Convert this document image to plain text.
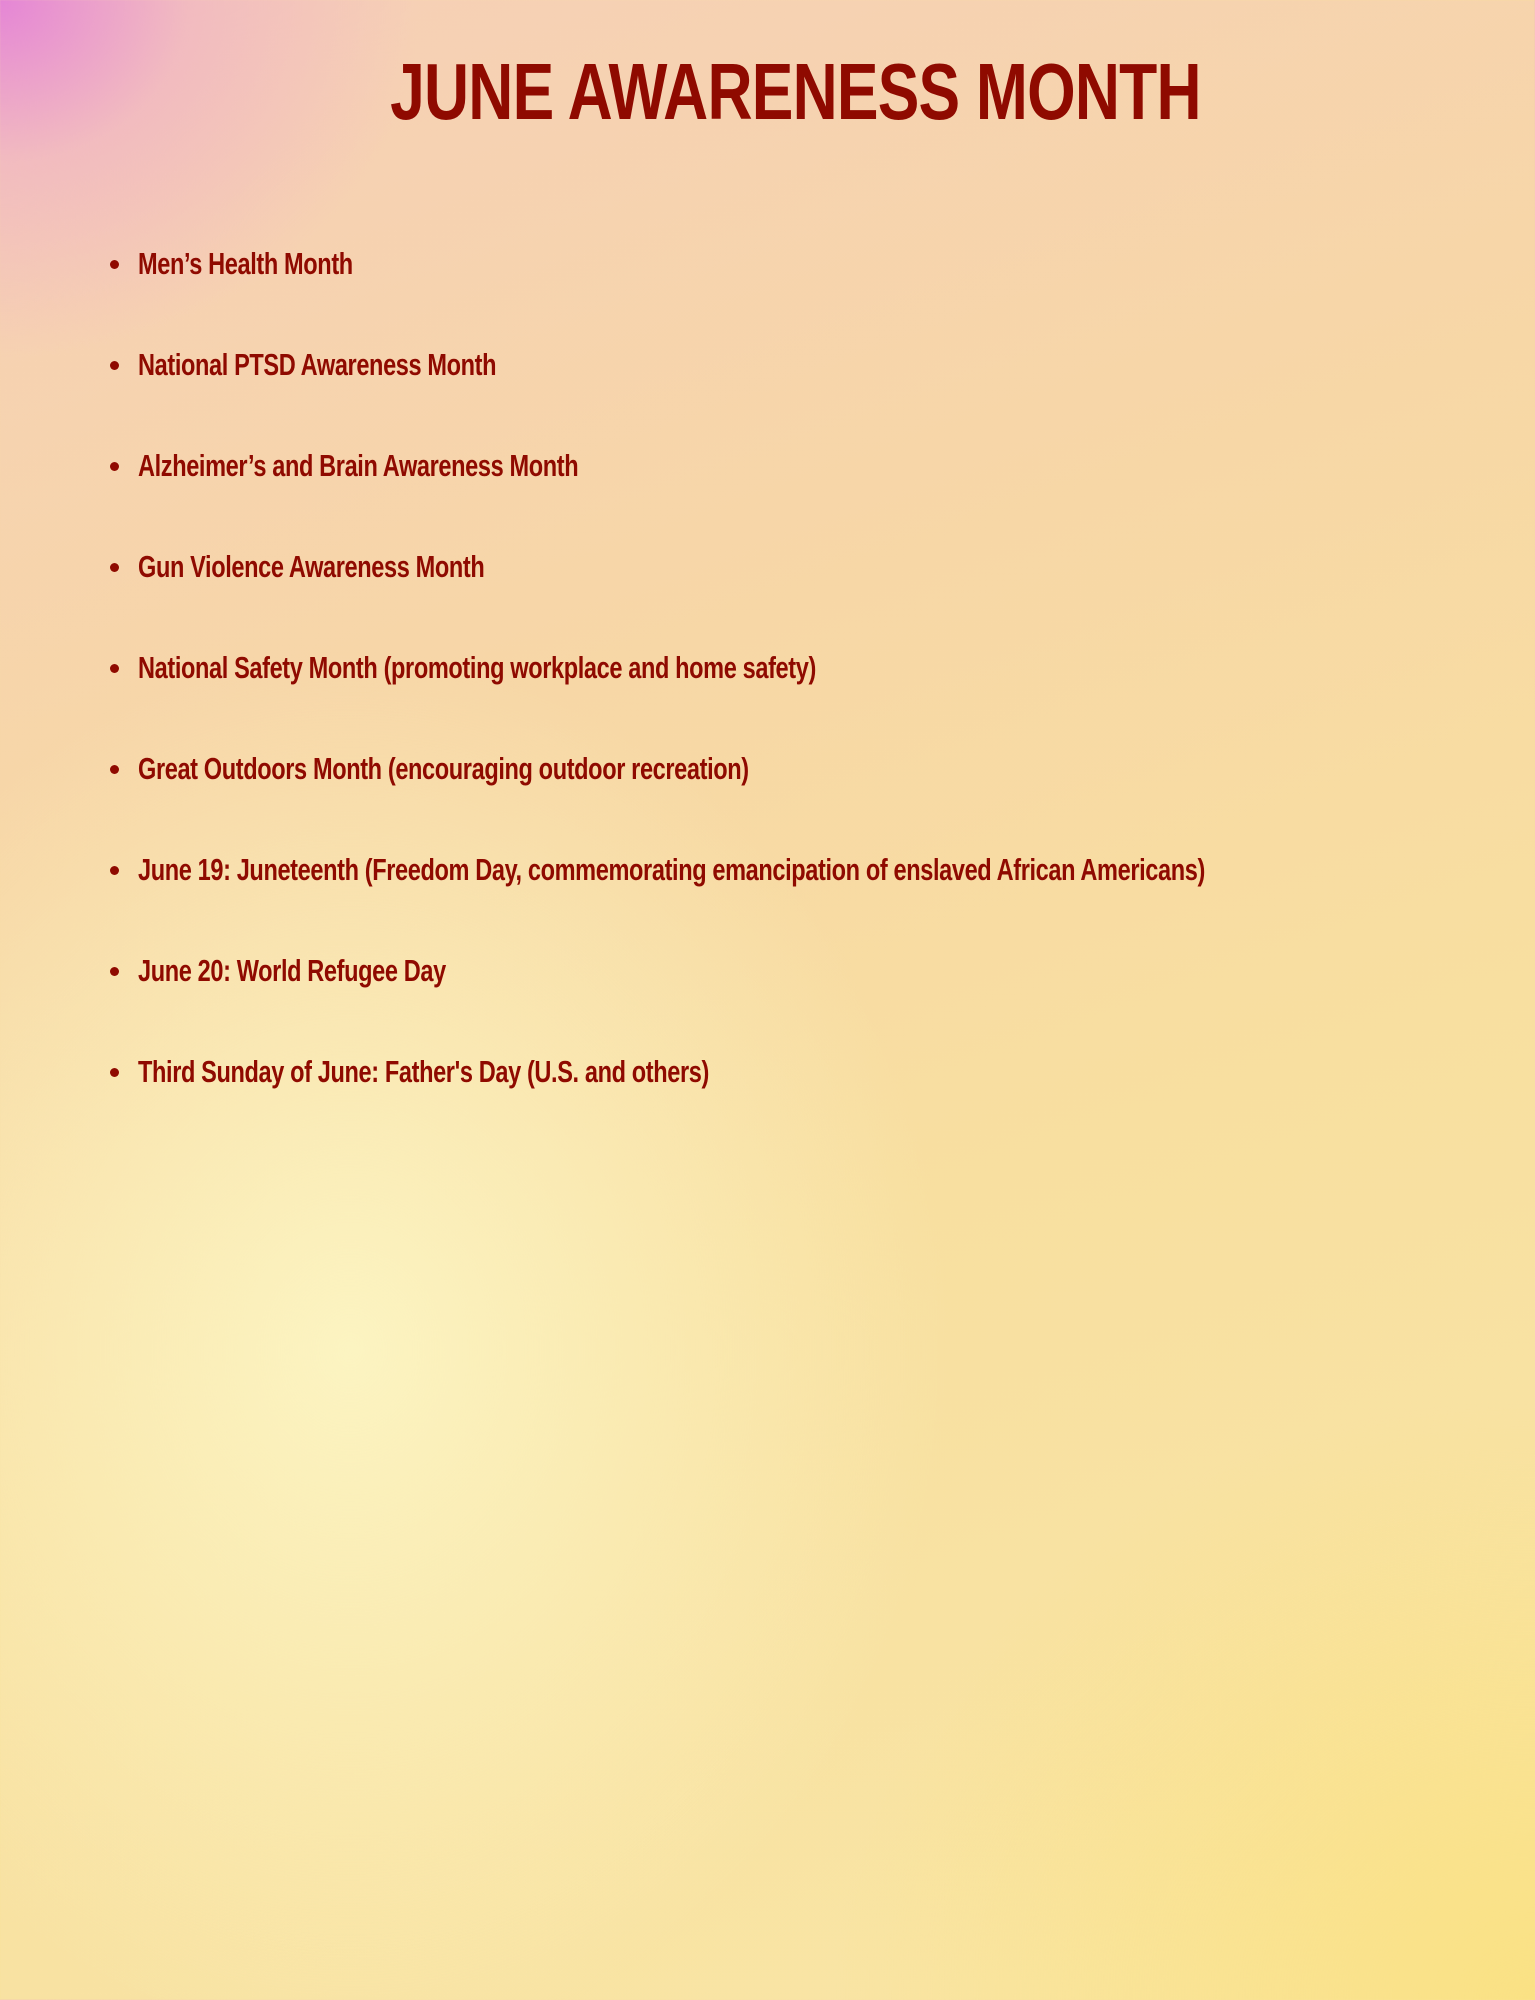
JUNE AWARENESS MONTH
Men’s Health Month
National PTSD Awareness Month
Alzheimer’s and Brain Awareness Month
Gun Violence Awareness Month
National Safety Month (promoting workplace and home safety)
Great Outdoors Month (encouraging outdoor recreation)
June 19: Juneteenth (Freedom Day, commemorating emancipation of enslaved African Americans)
June 20: World Refugee Day
Third Sunday of June: Father's Day (U.S. and others)
